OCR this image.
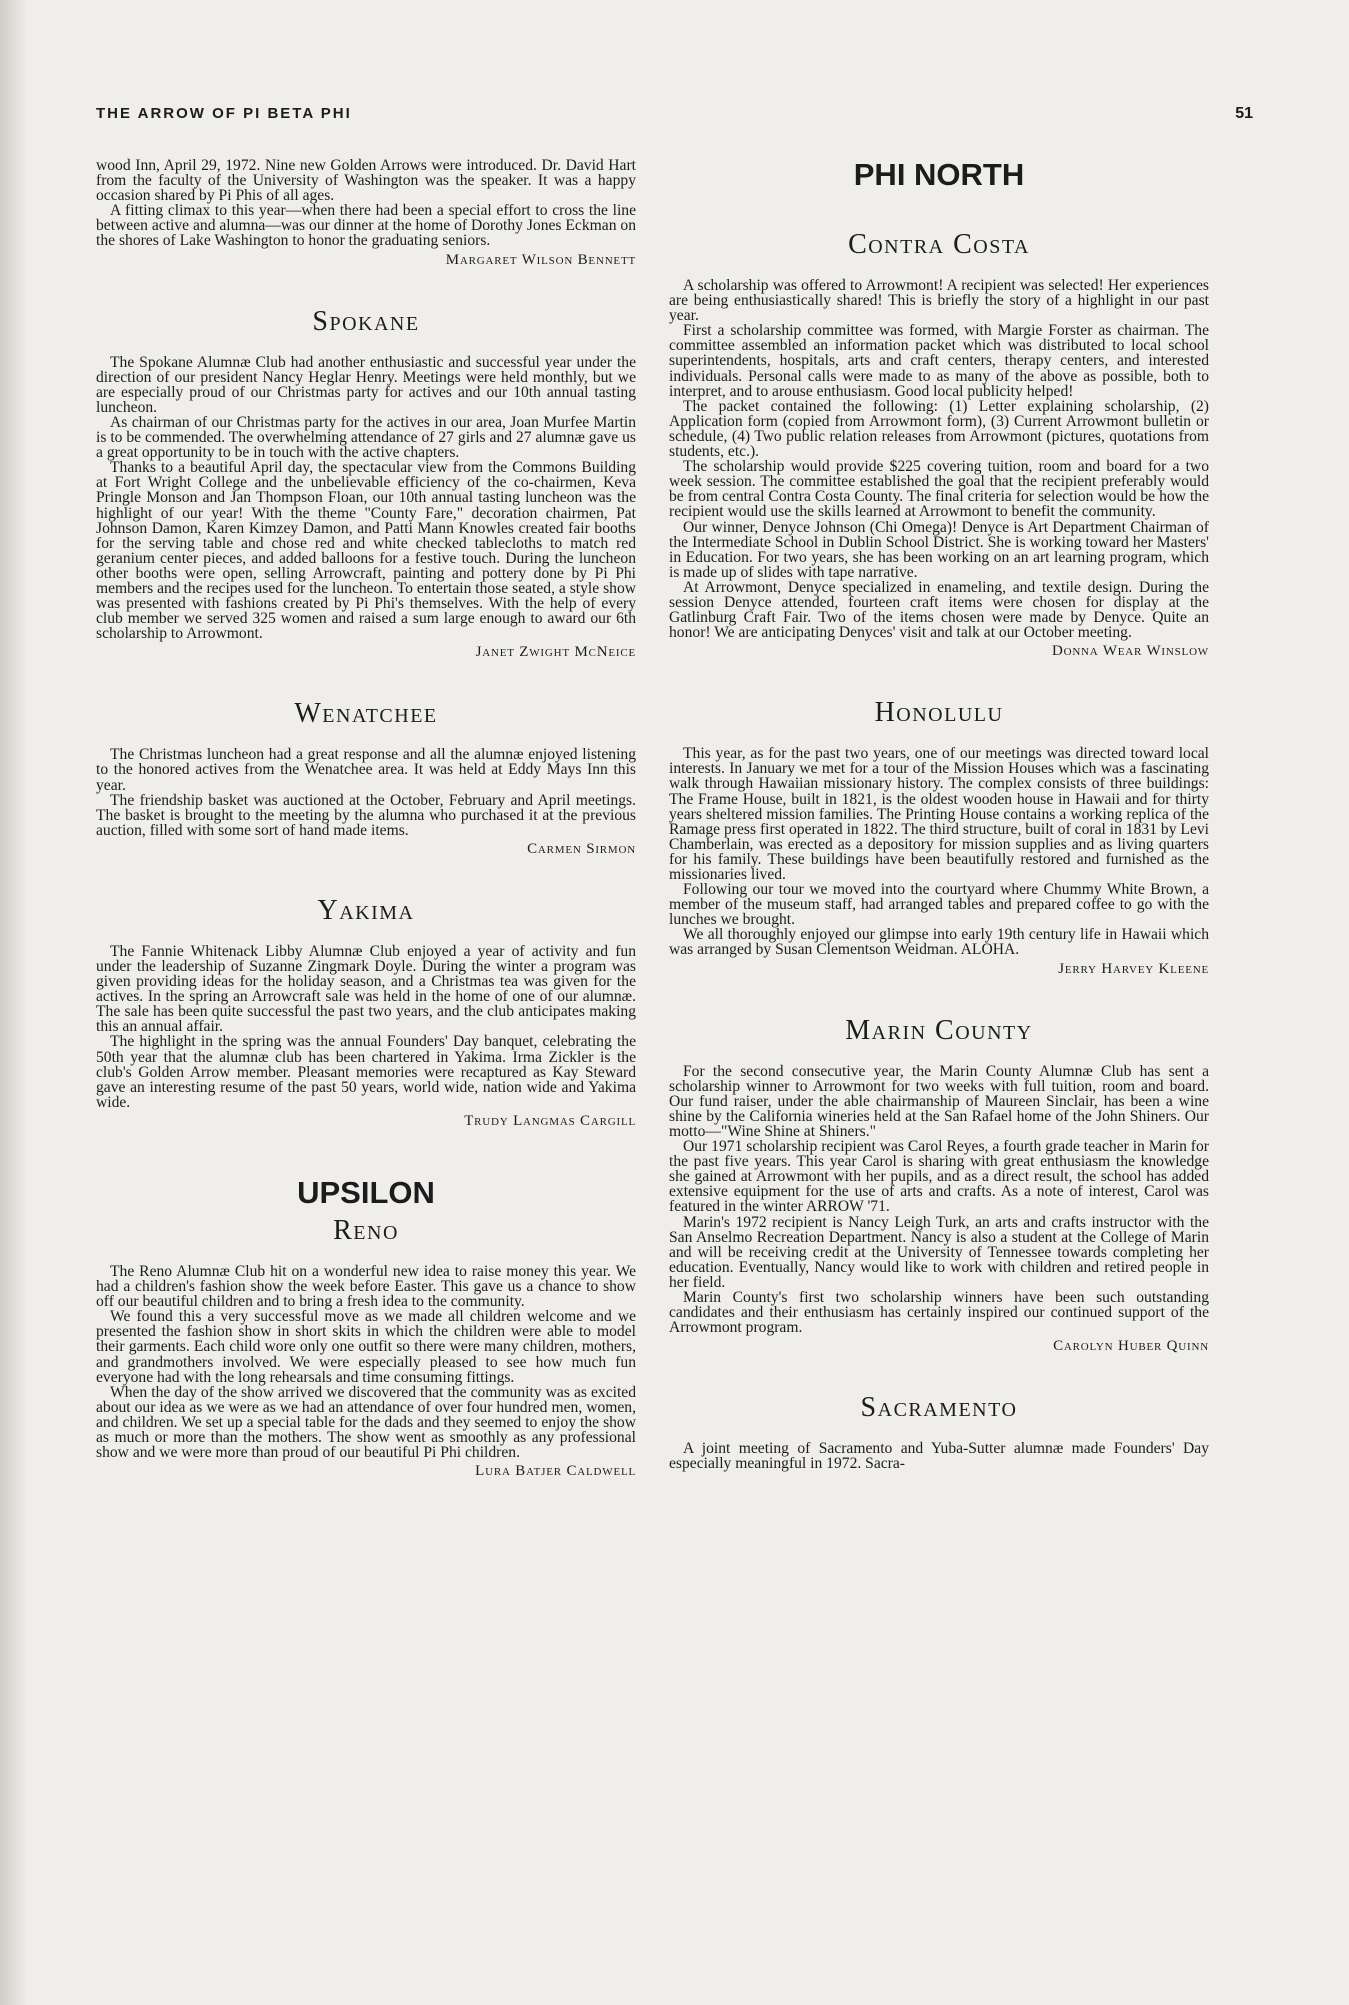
THE ARROW OF PI BETA PHI	51

wood Inn, April 29, 1972. Nine new Golden Arrows were introduced. Dr. David Hart from the faculty of the University of Washington was the speaker. It was a happy occasion shared by Pi Phis of all ages.

A fitting climax to this year—when there had been a special effort to cross the line between active and alumna—was our dinner at the home of Dorothy Jones Eckman on the shores of Lake Washington to honor the graduating seniors.

Margaret Wilson Bennett
Spokane

The Spokane Alumnæ Club had another enthusiastic and successful year under the direction of our president Nancy Heglar Henry. Meetings were held monthly, but we are especially proud of our Christmas party for actives and our 10th annual tasting luncheon.

As chairman of our Christmas party for the actives in our area, Joan Murfee Martin is to be commended. The overwhelming attendance of 27 girls and 27 alumnæ gave us a great opportunity to be in touch with the active chapters.

Thanks to a beautiful April day, the spectacular view from the Commons Building at Fort Wright College and the unbelievable efficiency of the co-chairmen, Keva Pringle Monson and Jan Thompson Floan, our 10th annual tasting luncheon was the highlight of our year! With the theme "County Fare," decoration chairmen, Pat Johnson Damon, Karen Kimzey Damon, and Patti Mann Knowles created fair booths for the serving table and chose red and white checked tablecloths to match red geranium center pieces, and added balloons for a festive touch. During the luncheon other booths were open, selling Arrowcraft, painting and pottery done by Pi Phi members and the recipes used for the luncheon. To entertain those seated, a style show was presented with fashions created by Pi Phi's themselves. With the help of every club member we served 325 women and raised a sum large enough to award our 6th scholarship to Arrowmont.

Janet Zwight McNeice
Wenatchee

The Christmas luncheon had a great response and all the alumnæ enjoyed listening to the honored actives from the Wenatchee area. It was held at Eddy Mays Inn this year.

The friendship basket was auctioned at the October, February and April meetings. The basket is brought to the meeting by the alumna who purchased it at the previous auction, filled with some sort of hand made items.

Carmen Sirmon
Yakima

The Fannie Whitenack Libby Alumnæ Club enjoyed a year of activity and fun under the leadership of Suzanne Zingmark Doyle. During the winter a program was given providing ideas for the holiday season, and a Christmas tea was given for the actives. In the spring an Arrowcraft sale was held in the home of one of our alumnæ. The sale has been quite successful the past two years, and the club anticipates making this an annual affair.

The highlight in the spring was the annual Founders' Day banquet, celebrating the 50th year that the alumnæ club has been chartered in Yakima. Irma Zickler is the club's Golden Arrow member. Pleasant memories were recaptured as Kay Steward gave an interesting resume of the past 50 years, world wide, nation wide and Yakima wide.

Trudy Langmas Cargill
UPSILON
Reno

The Reno Alumnæ Club hit on a wonderful new idea to raise money this year. We had a children's fashion show the week before Easter. This gave us a chance to show off our beautiful children and to bring a fresh idea to the community.

We found this a very successful move as we made all children welcome and we presented the fashion show in short skits in which the children were able to model their garments. Each child wore only one outfit so there were many children, mothers, and grandmothers involved. We were especially pleased to see how much fun everyone had with the long rehearsals and time consuming fittings.

When the day of the show arrived we discovered that the community was as excited about our idea as we were as we had an attendance of over four hundred men, women, and children. We set up a special table for the dads and they seemed to enjoy the show as much or more than the mothers. The show went as smoothly as any professional show and we were more than proud of our beautiful Pi Phi children.

Lura Batjer Caldwell
PHI NORTH
Contra Costa

A scholarship was offered to Arrowmont! A recipient was selected! Her experiences are being enthusiastically shared! This is briefly the story of a highlight in our past year.

First a scholarship committee was formed, with Margie Forster as chairman. The committee assembled an information packet which was distributed to local school superintendents, hospitals, arts and craft centers, therapy centers, and interested individuals. Personal calls were made to as many of the above as possible, both to interpret, and to arouse enthusiasm. Good local publicity helped!

The packet contained the following: (1) Letter explaining scholarship, (2) Application form (copied from Arrowmont form), (3) Current Arrowmont bulletin or schedule, (4) Two public relation releases from Arrowmont (pictures, quotations from students, etc.).

The scholarship would provide $225 covering tuition, room and board for a two week session. The committee established the goal that the recipient preferably would be from central Contra Costa County. The final criteria for selection would be how the recipient would use the skills learned at Arrowmont to benefit the community.

Our winner, Denyce Johnson (Chi Omega)! Denyce is Art Department Chairman of the Intermediate School in Dublin School District. She is working toward her Masters' in Education. For two years, she has been working on an art learning program, which is made up of slides with tape narrative.

At Arrowmont, Denyce specialized in enameling, and textile design. During the session Denyce attended, fourteen craft items were chosen for display at the Gatlinburg Craft Fair. Two of the items chosen were made by Denyce. Quite an honor! We are anticipating Denyces' visit and talk at our October meeting.

Donna Wear Winslow
Honolulu

This year, as for the past two years, one of our meetings was directed toward local interests. In January we met for a tour of the Mission Houses which was a fascinating walk through Hawaiian missionary history. The complex consists of three buildings: The Frame House, built in 1821, is the oldest wooden house in Hawaii and for thirty years sheltered mission families. The Printing House contains a working replica of the Ramage press first operated in 1822. The third structure, built of coral in 1831 by Levi Chamberlain, was erected as a depository for mission supplies and as living quarters for his family. These buildings have been beautifully restored and furnished as the missionaries lived.

Following our tour we moved into the courtyard where Chummy White Brown, a member of the museum staff, had arranged tables and prepared coffee to go with the lunches we brought.

We all thoroughly enjoyed our glimpse into early 19th century life in Hawaii which was arranged by Susan Clementson Weidman. ALOHA.

Jerry Harvey Kleene
Marin County

For the second consecutive year, the Marin County Alumnæ Club has sent a scholarship winner to Arrowmont for two weeks with full tuition, room and board. Our fund raiser, under the able chairmanship of Maureen Sinclair, has been a wine shine by the California wineries held at the San Rafael home of the John Shiners. Our motto—"Wine Shine at Shiners."

Our 1971 scholarship recipient was Carol Reyes, a fourth grade teacher in Marin for the past five years. This year Carol is sharing with great enthusiasm the knowledge she gained at Arrowmont with her pupils, and as a direct result, the school has added extensive equipment for the use of arts and crafts. As a note of interest, Carol was featured in the winter ARROW '71.

Marin's 1972 recipient is Nancy Leigh Turk, an arts and crafts instructor with the San Anselmo Recreation Department. Nancy is also a student at the College of Marin and will be receiving credit at the University of Tennessee towards completing her education. Eventually, Nancy would like to work with children and retired people in her field.

Marin County's first two scholarship winners have been such outstanding candidates and their enthusiasm has certainly inspired our continued support of the Arrowmont program.

Carolyn Huber Quinn
Sacramento

A joint meeting of Sacramento and Yuba-Sutter alumnæ made Founders' Day especially meaningful in 1972. Sacra-
